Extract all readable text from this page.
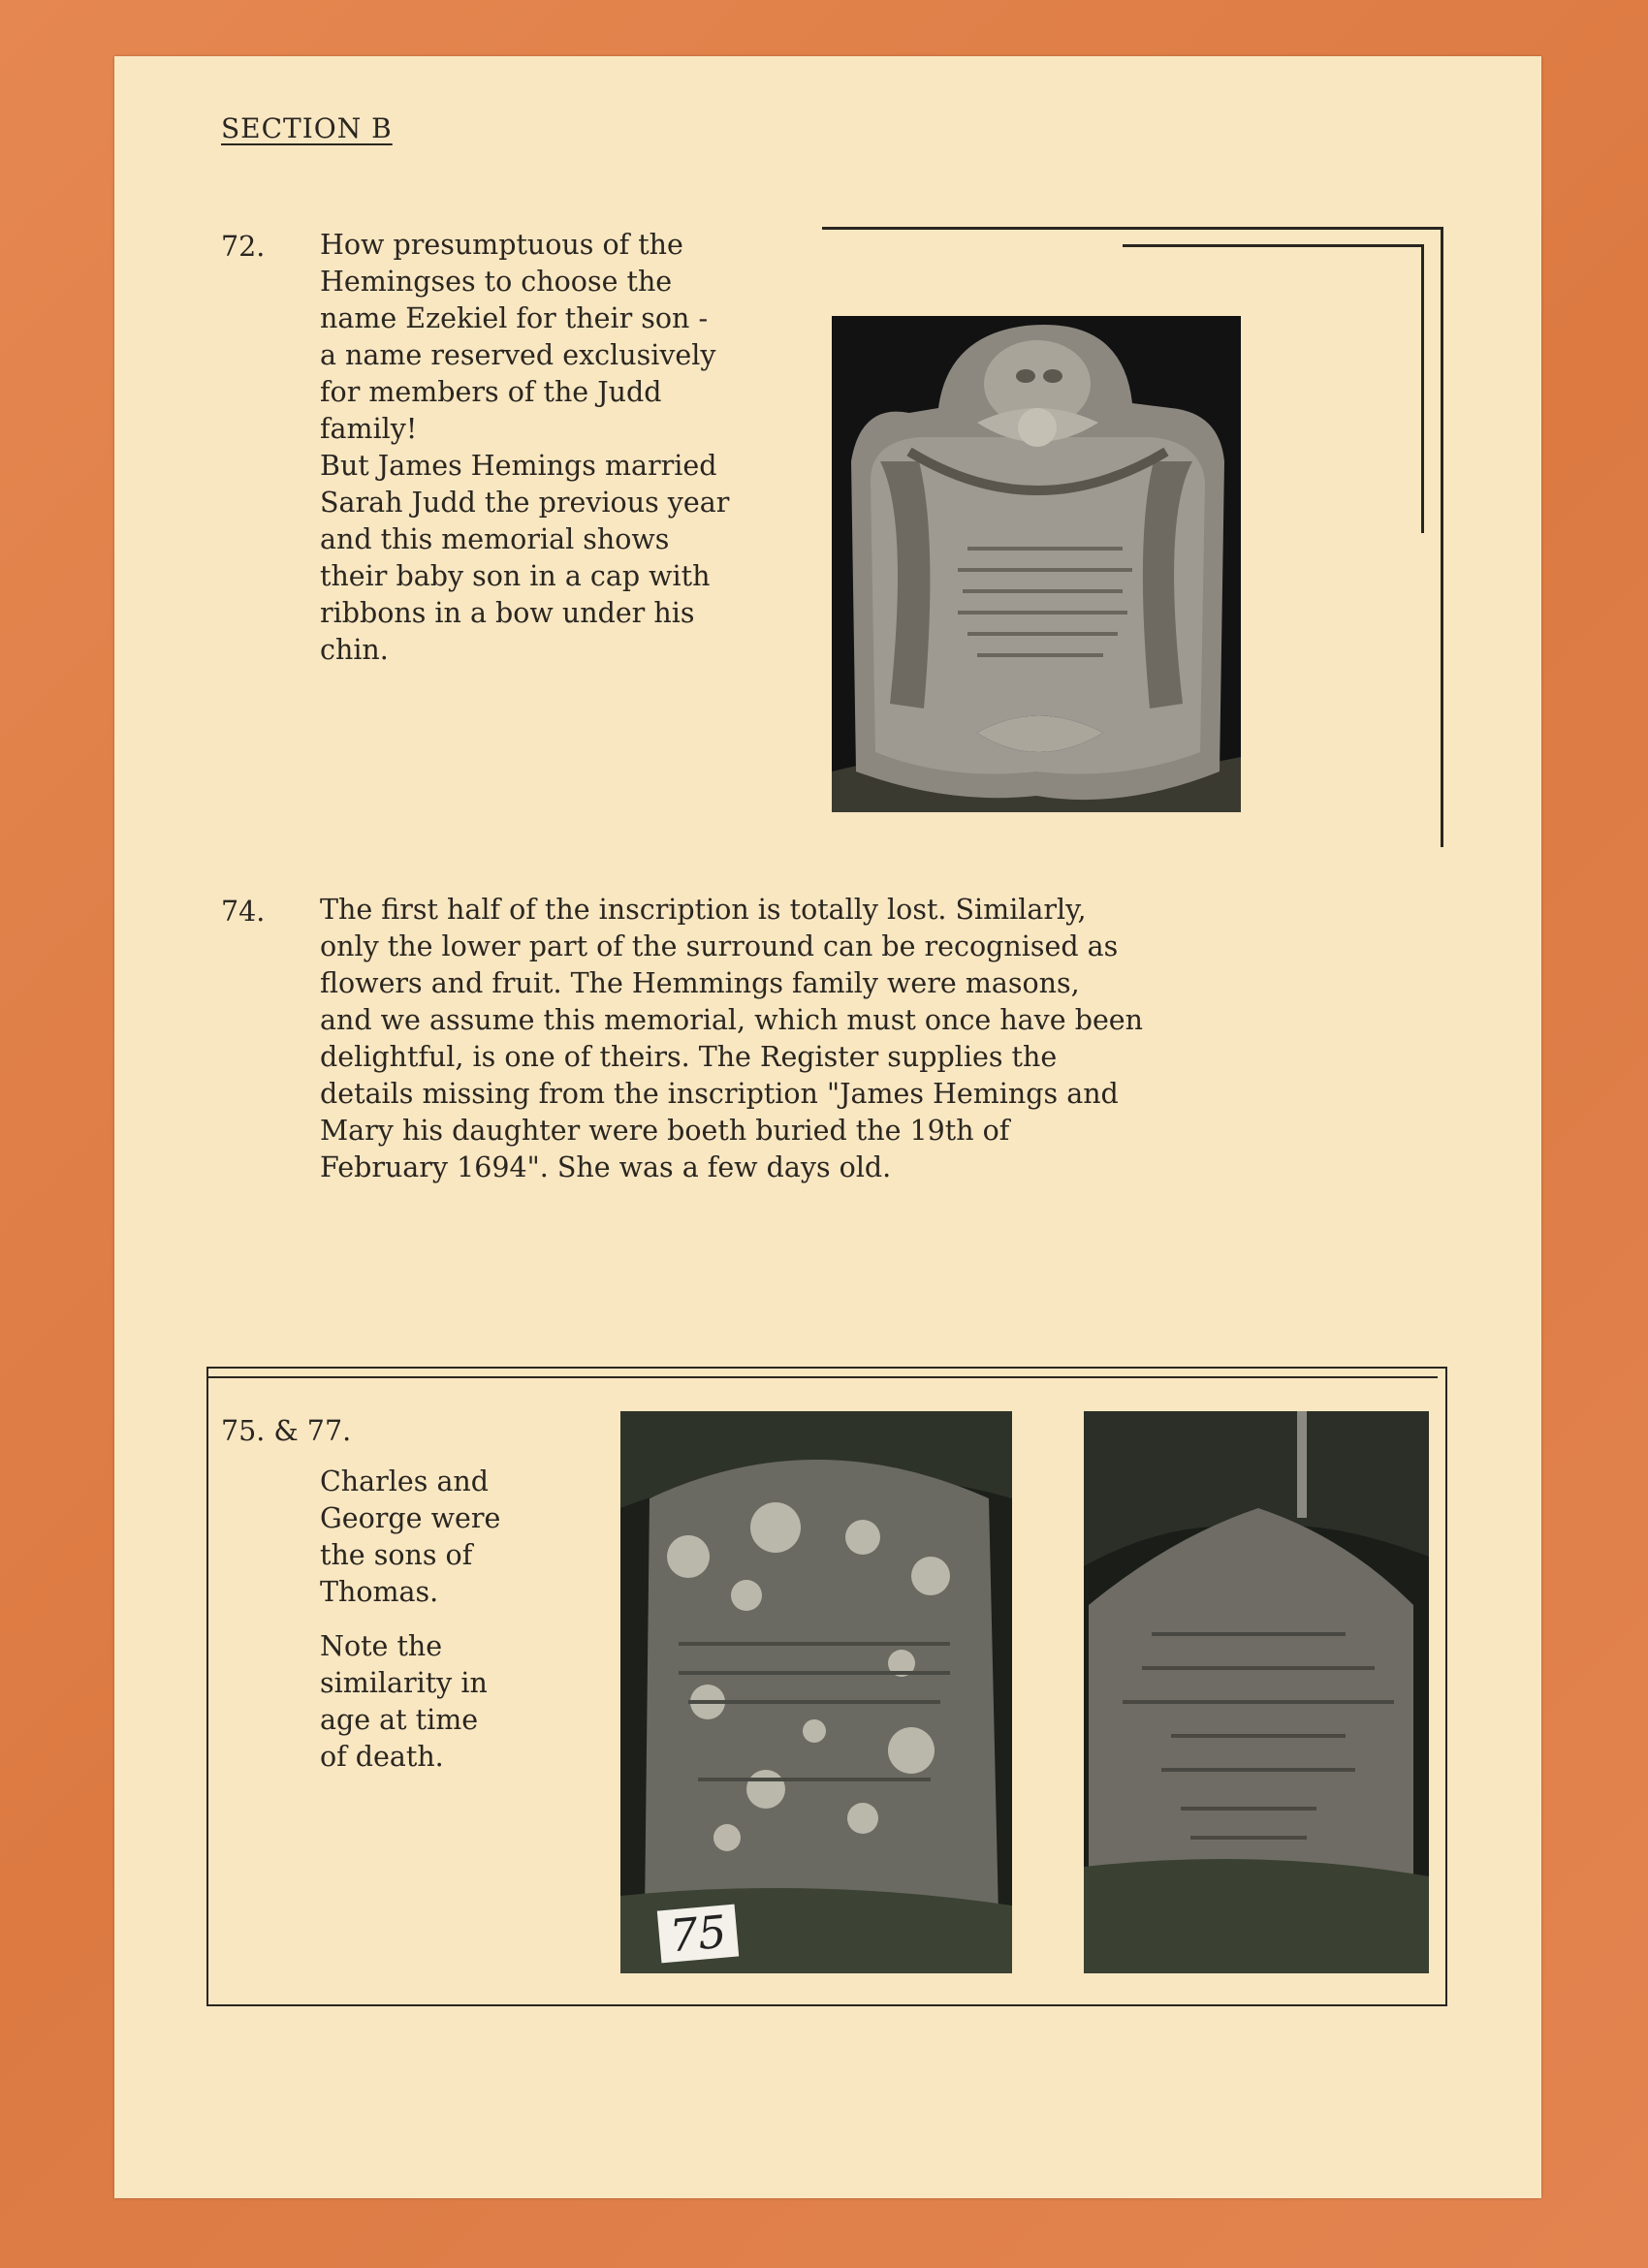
SECTION B
72. How presumptuous of the
Hemingses to choose the
name Ezekiel for their son -
a name reserved exclusively
for members of the Judd
family!
But James Hemings married
Sarah Judd the previous year
and this memorial shows
their baby son in a cap with
ribbons in a bow under his
chin.
74. The first half of the inscription is totally lost. Similarly,
only the lower part of the surround can be recognised as
flowers and fruit. The Hemmings family were masons,
and we assume this memorial, which must once have been
delightful, is one of theirs. The Register supplies the
details missing from the inscription "James Hemings and
Mary his daughter were boeth buried the 19th of
February 1694". She was a few days old.
75. & 77.
Charles and
George were
the sons of
Thomas.
Note the
similarity in
age at time
of death.
75
